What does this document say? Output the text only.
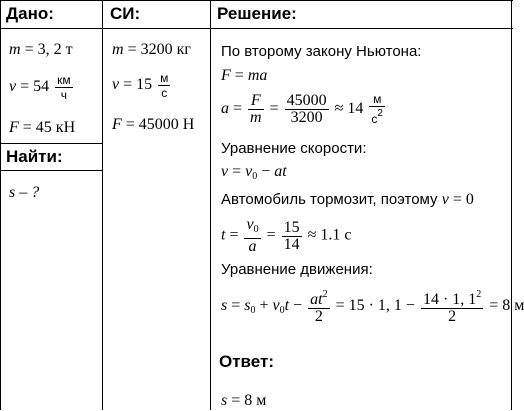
Дано:	СИ:	Решение:
Найти:
m = 3, 2 т
$v = 54 \frac{км}{ч}$
F = 45 кН
s – ?
m = 3200 кг
$v = 15 \frac{м}{с}$
F = 45000 Н
По второму закону Ньютона:
F = ma
$a = \frac{F}{m} = \frac{45000}{3200} \approx 14 \frac{м}{с^2}$
Уравнение скорости:
$v = v_0$ − at
Автомобиль тормозит, поэтому v = 0
$t = \frac{v_0}{a} = \frac{15}{14} \approx 1.1$ с
Уравнение движения:
$s = s_0 + v_0t - \frac{at^2}{2} = 15 \cdot 1$, $1 - \frac{14 \cdot 1, 1^2}{2} = 8$ м
Ответ:
s = 8 м
